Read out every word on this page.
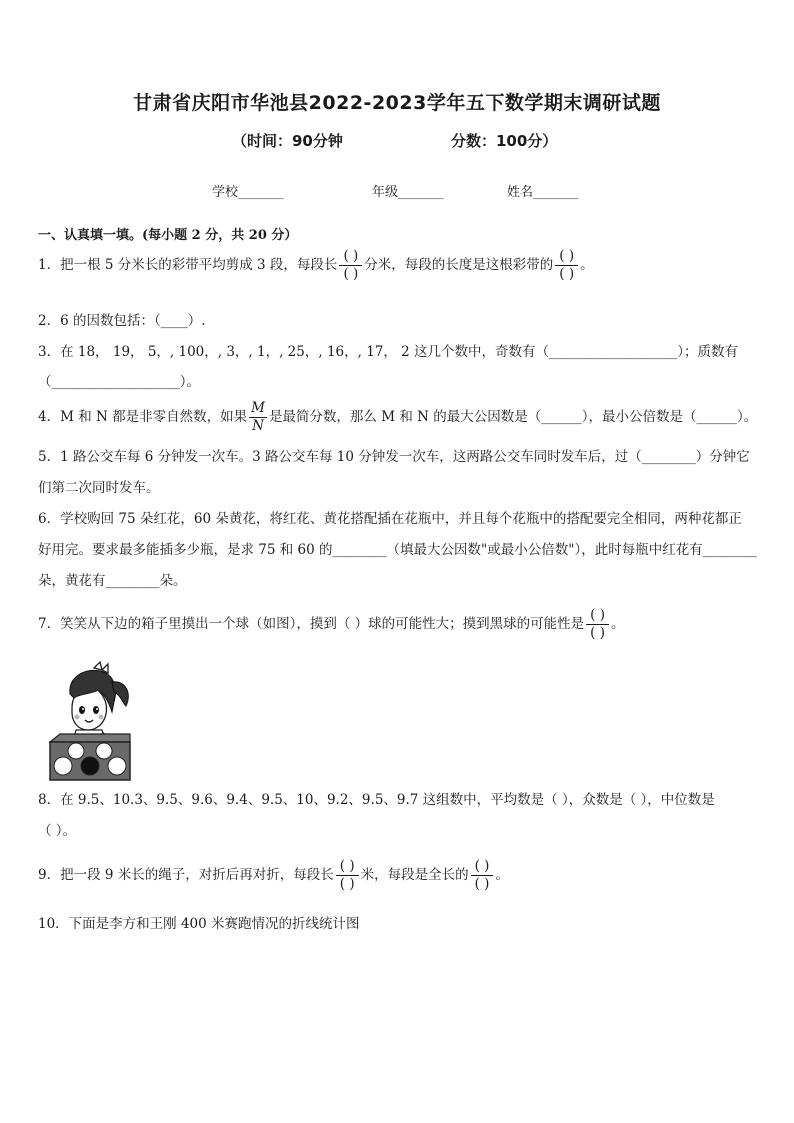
甘肃省庆阳市华池县2022-2023学年五下数学期末调研试题
（时间：90分钟	分数：100分）
学校_______	年级_______	姓名_______
一、认真填一填。(每小题 2 分，共 20 分）
1．把一根 5 分米长的彩带平均剪成 3 段，每段长 $\frac{( )}{( )}$ 分米，每段的长度是这根彩带的 $\frac{( )}{( )}$ 。
2．6 的因数包括：（____）.
3．在 18， 19， 5，, 100，, 3，, 1，, 25，, 16，, 17， 2 这几个数中，奇数有（___________________）；质数有
（___________________）。
4．M 和 N 都是非零自然数，如果 $\frac{M}{N}$ 是最简分数，那么 M 和 N 的最大公因数是（______），最小公倍数是（______）。
5．1 路公交车每 6 分钟发一次车。3 路公交车每 10 分钟发一次车，这两路公交车同时发车后，过（________）分钟它
们第二次同时发车。
6．学校购回 75 朵红花，60 朵黄花，将红花、黄花搭配插在花瓶中，并且每个花瓶中的搭配要完全相同，两种花都正
好用完。要求最多能插多少瓶，是求 75 和 60 的________（填最大公因数"或最小公倍数"），此时每瓶中红花有________
朵，黄花有________朵。
7．笑笑从下边的箱子里摸出一个球（如图），摸到（ ）球的可能性大；摸到黑球的可能性是 $\frac{( )}{( )}$ 。
8．在 9.5、10.3、9.5、9.6、9.4、9.5、10、9.2、9.5、9.7 这组数中，平均数是（ ），众数是（ ），中位数是
（ ）。
9．把一段 9 米长的绳子，对折后再对折，每段长 $\frac{( )}{( )}$ 米，每段是全长的 $\frac{( )}{( )}$ 。
10．下面是李方和王刚 400 米赛跑情况的折线统计图
